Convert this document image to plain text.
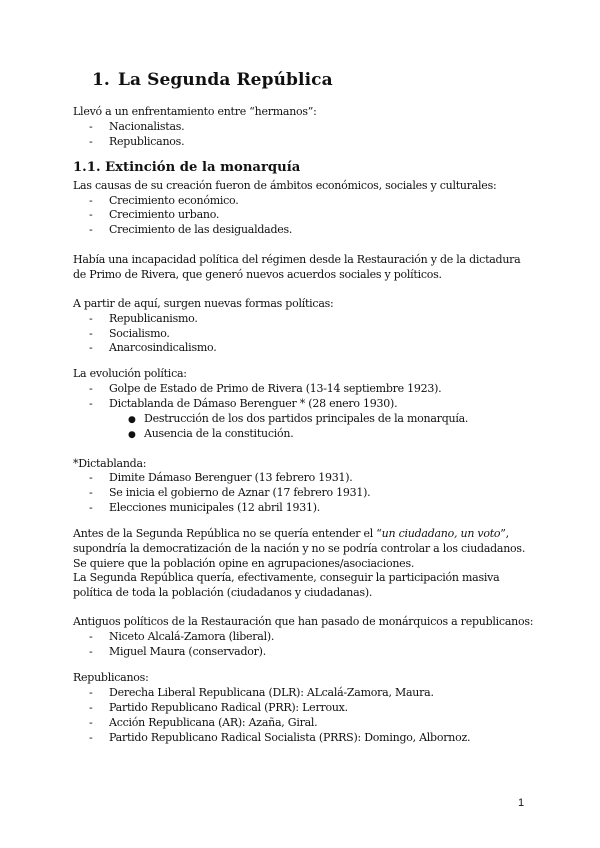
1. La Segunda República
Llevó a un enfrentamiento entre “hermanos”:
- Nacionalistas.
- Republicanos.
1.1. Extinción de la monarquía
Las causas de su creación fueron de ámbitos económicos, sociales y culturales:
- Crecimiento económico.
- Crecimiento urbano.
- Crecimiento de las desigualdades.
Había una incapacidad política del régimen desde la Restauración y de la dictadura de Primo de Rivera, que generó nuevos acuerdos sociales y políticos.
A partir de aquí, surgen nuevas formas políticas:
- Republicanismo.
- Socialismo.
- Anarcosindicalismo.
La evolución política:
- Golpe de Estado de Primo de Rivera (13-14 septiembre 1923).
- Dictablanda de Dámaso Berenguer * (28 enero 1930).
● Destrucción de los dos partidos principales de la monarquía.
● Ausencia de la constitución.
*Dictablanda:
- Dimite Dámaso Berenguer (13 febrero 1931).
- Se inicia el gobierno de Aznar (17 febrero 1931).
- Elecciones municipales (12 abril 1931).
Antes de la Segunda República no se quería entender el “un ciudadano, un voto”, supondría la democratización de la nación y no se podría controlar a los ciudadanos. Se quiere que la población opine en agrupaciones/asociaciones.
La Segunda República quería, efectivamente, conseguir la participación masiva política de toda la población (ciudadanos y ciudadanas).
Antiguos políticos de la Restauración que han pasado de monárquicos a republicanos:
- Niceto Alcalá-Zamora (liberal).
- Miguel Maura (conservador).
Republicanos:
- Derecha Liberal Republicana (DLR): ALcalá-Zamora, Maura.
- Partido Republicano Radical (PRR): Lerroux.
- Acción Republicana (AR): Azaña, Giral.
- Partido Republicano Radical Socialista (PRRS): Domingo, Albornoz.
1
